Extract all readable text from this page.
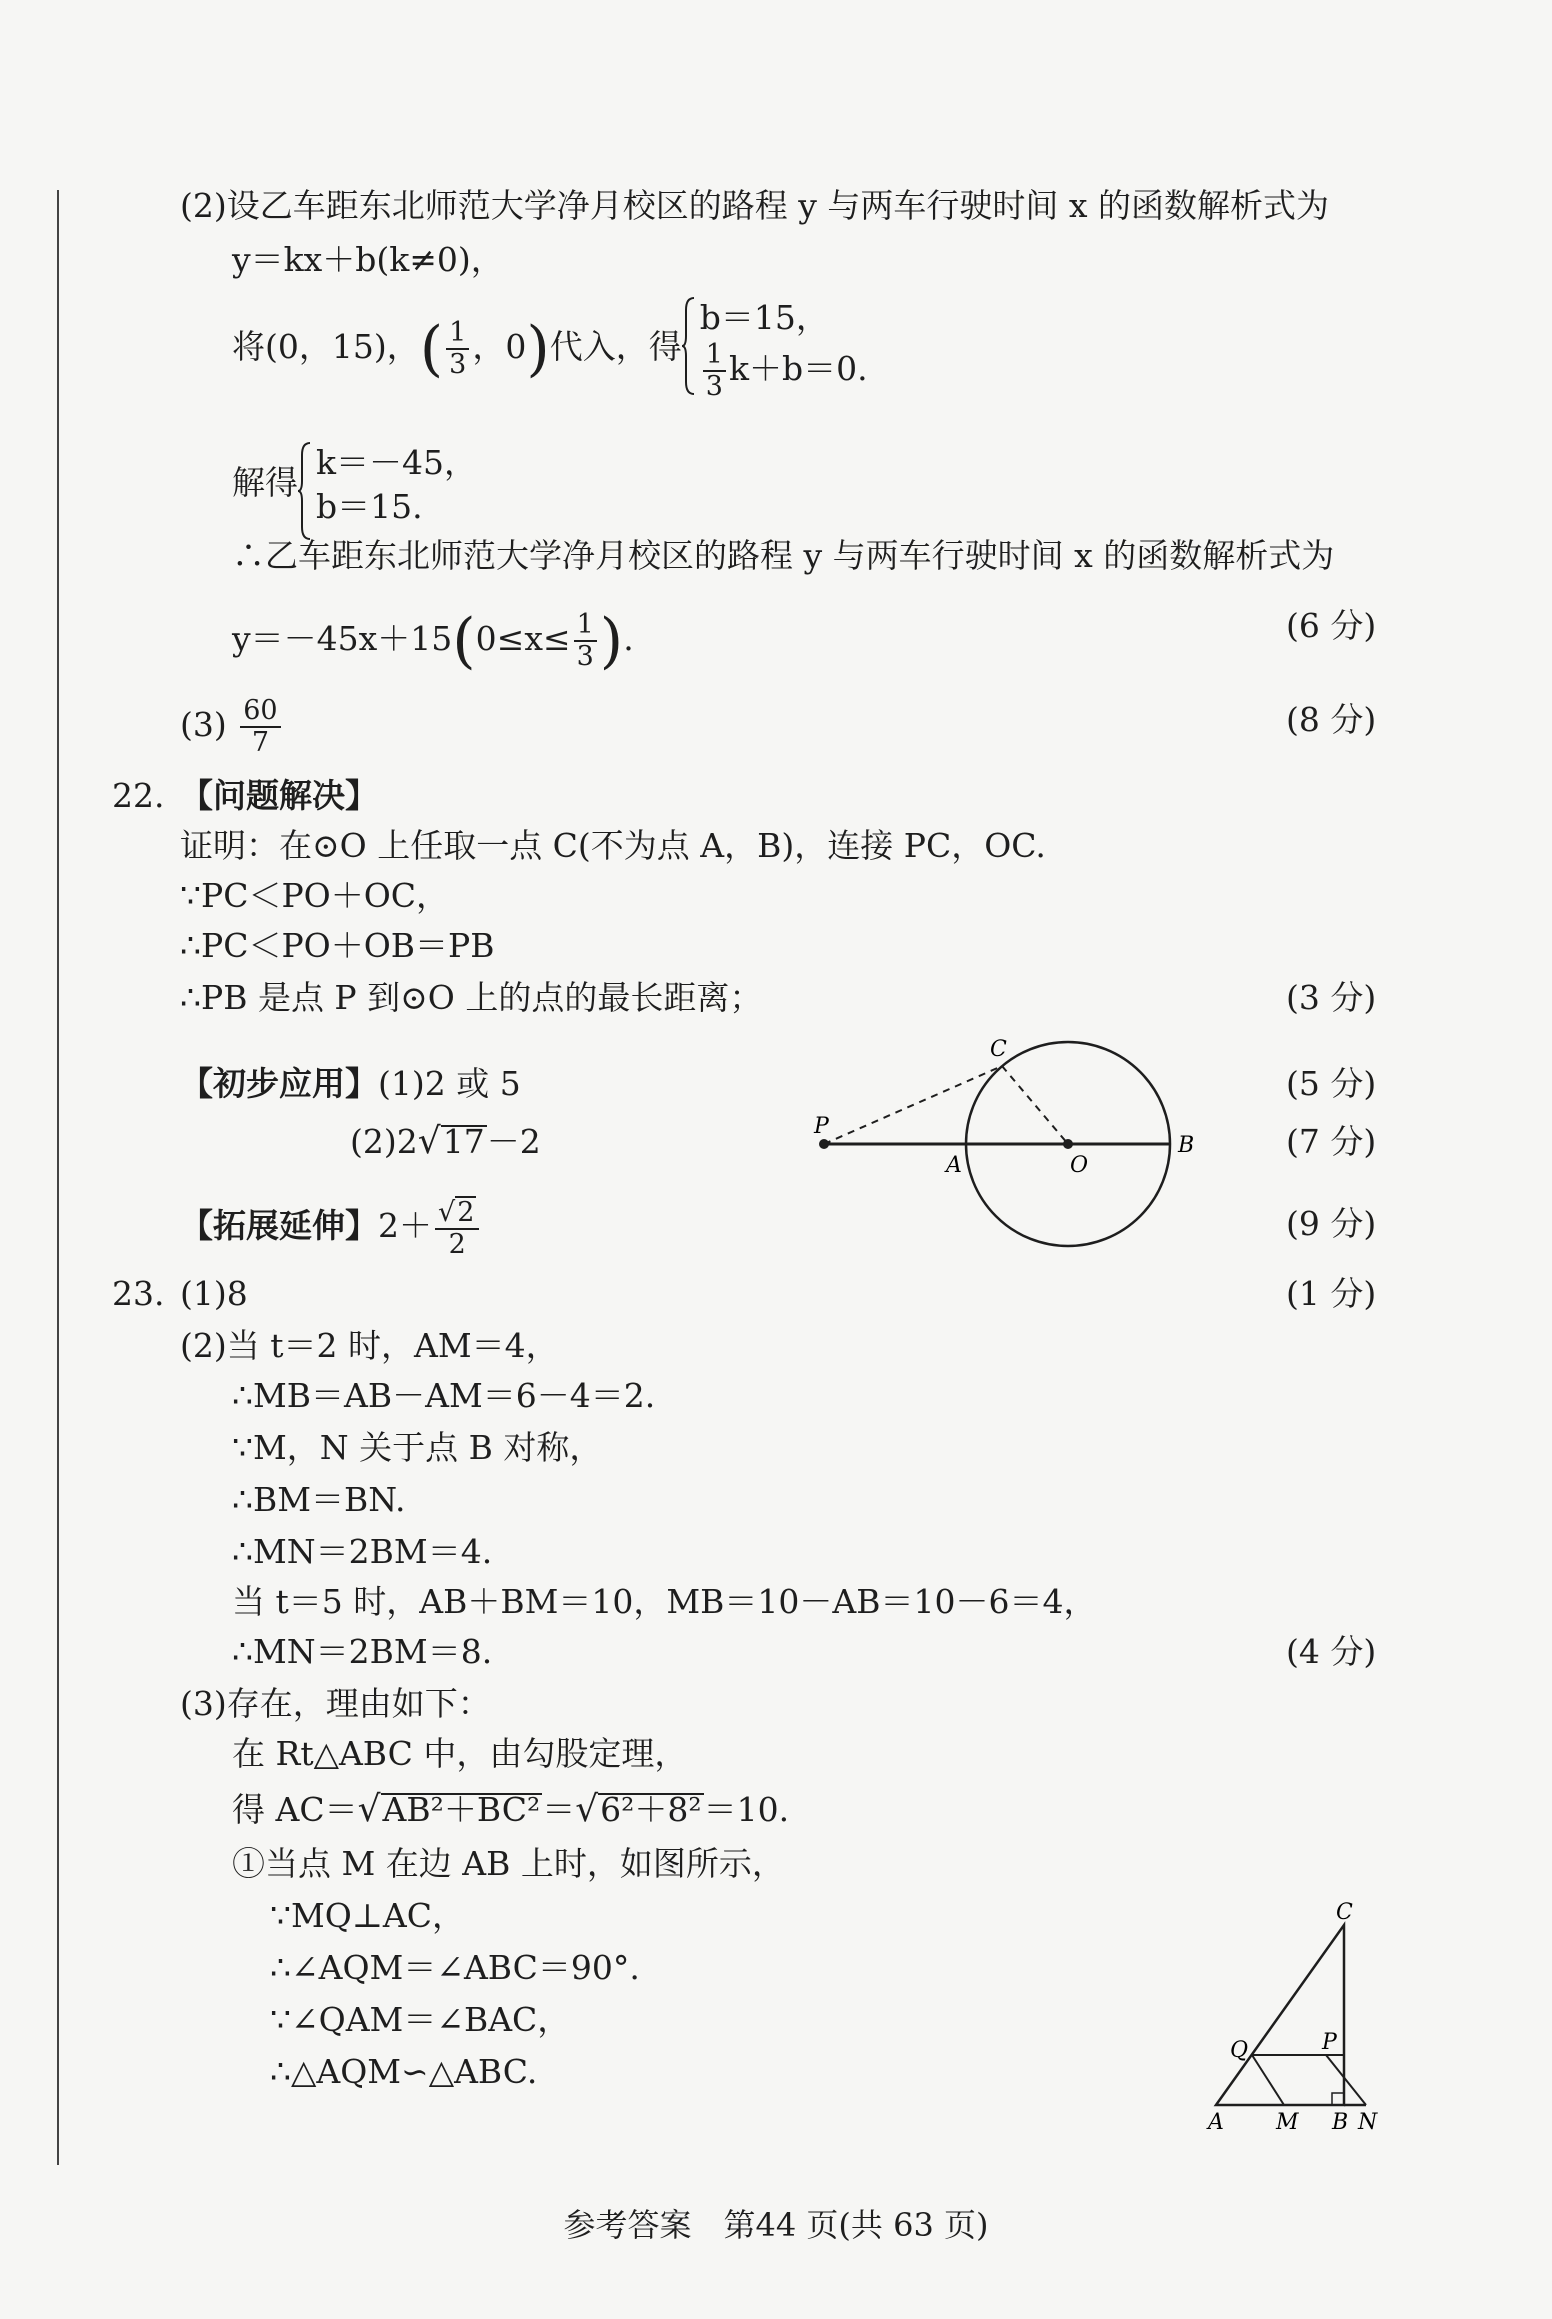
(2)设乙车距东北师范大学净月校区的路程 y 与两车行驶时间 x 的函数解析式为
y＝kx＋b(k≠0)，
将(0，15)，( $\frac{1}{3}$ ，0)代入，得
b＝15，
$\frac{1}{3} k+b=0$.
解得
k＝－45，
b＝15.
∴乙车距东北师范大学净月校区的路程 y 与两车行驶时间 x 的函数解析式为
$y=-45x+15(0\le x\le \frac{1}{3}$ ).	(6 分)
$(3) \frac{60}{7}$	(8 分)
22. 【问题解决】
证明：在⊙O 上任取一点 C(不为点 A，B)，连接 PC，OC.
∵PC＜PO＋OC，
∴PC＜PO＋OB＝PB
∴PB 是点 P 到⊙O 上的点的最长距离；	(3 分)
【初步应用】(1)2 或 5	(5 分)
(2)2√17－2	(7 分)
【拓展延伸】$2+ \frac{√2}{2}$	(9 分)
P
C
A	O
B
23. (1)8	(1 分)
(2)当 t＝2 时，AM＝4，
∴MB＝AB－AM＝6－4＝2.
∵M，N 关于点 B 对称，
∴BM＝BN.
∴MN＝2BM＝4.
当 t＝5 时，AB＋BM＝10，MB＝10－AB＝10－6＝4，
∴MN＝2BM＝8.	(4 分)
(3)存在，理由如下：
在 Rt△ABC 中，由勾股定理，
得 AC＝√AB²＋BC²＝√6²＋8²＝10.
①当点 M 在边 AB 上时，如图所示，
∵MQ⊥AC，
∴∠AQM＝∠ABC＝90°.
∵∠QAM＝∠BAC，
∴△AQM∽△ABC.
C
Q	P
A M B N
参考答案　第44 页(共 63 页)
